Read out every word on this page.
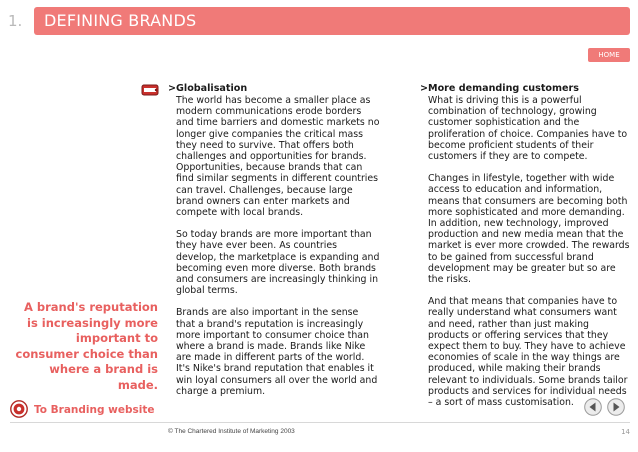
1. DEFINING BRANDS
HOME
>Globalisation

The world has become a smaller place as modern communications erode borders and time barriers and domestic markets no longer give companies the critical mass they need to survive. That offers both challenges and opportunities for brands. Opportunities, because brands that can find similar segments in different countries can travel. Challenges, because large brand owners can enter markets and compete with local brands.

So today brands are more important than they have ever been. As countries develop, the marketplace is expanding and becoming even more diverse. Both brands and consumers are increasingly thinking in global terms.

Brands are also important in the sense that a brand's reputation is increasingly more important to consumer choice than where a brand is made. Brands like Nike are made in different parts of the world. It's Nike's brand reputation that enables it win loyal consumers all over the world and charge a premium.

>More demanding customers

What is driving this is a powerful combination of technology, growing customer sophistication and the proliferation of choice. Companies have to become proficient students of their customers if they are to compete.

Changes in lifestyle, together with wide access to education and information, means that consumers are becoming both more sophisticated and more demanding. In addition, new technology, improved production and new media mean that the market is ever more crowded. The rewards to be gained from successful brand development may be greater but so are the risks.

And that means that companies have to really understand what consumers want and need, rather than just making products or offering services that they expect them to buy. They have to achieve economies of scale in the way things are produced, while making their brands relevant to individuals. Some brands tailor products and services for individual needs – a sort of mass customisation.

A brand's reputation is increasingly more important to consumer choice than where a brand is made.
To Branding website
© The Chartered Institute of Marketing 2003	14
